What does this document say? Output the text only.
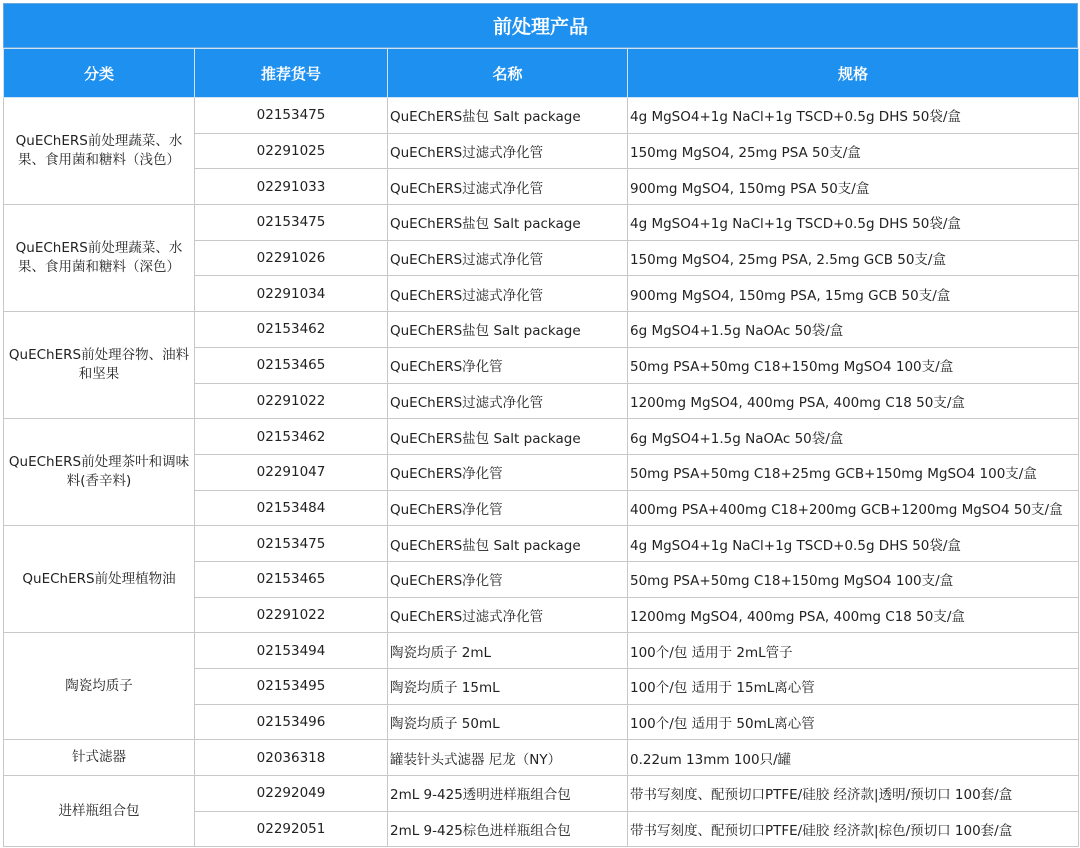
前处理产品
分类	推荐货号	名称	规格
QuEChERS前处理蔬菜、水果、食用菌和糖料（浅色）	02153475	QuEChERS盐包 Salt package	4g MgSO4+1g NaCl+1g TSCD+0.5g DHS 50袋/盒
	02291025	QuEChERS过滤式净化管	150mg MgSO4, 25mg PSA 50支/盒
	02291033	QuEChERS过滤式净化管	900mg MgSO4, 150mg PSA 50支/盒
QuEChERS前处理蔬菜、水果、食用菌和糖料（深色）	02153475	QuEChERS盐包 Salt package	4g MgSO4+1g NaCl+1g TSCD+0.5g DHS 50袋/盒
	02291026	QuEChERS过滤式净化管	150mg MgSO4, 25mg PSA, 2.5mg GCB 50支/盒
	02291034	QuEChERS过滤式净化管	900mg MgSO4, 150mg PSA, 15mg GCB 50支/盒
QuEChERS前处理谷物、油料和坚果	02153462	QuEChERS盐包 Salt package	6g MgSO4+1.5g NaOAc 50袋/盒
	02153465	QuEChERS净化管	50mg PSA+50mg C18+150mg MgSO4 100支/盒
	02291022	QuEChERS过滤式净化管	1200mg MgSO4, 400mg PSA, 400mg C18 50支/盒
QuEChERS前处理茶叶和调味料(香辛料)	02153462	QuEChERS盐包 Salt package	6g MgSO4+1.5g NaOAc 50袋/盒
	02291047	QuEChERS净化管	50mg PSA+50mg C18+25mg GCB+150mg MgSO4 100支/盒
	02153484	QuEChERS净化管	400mg PSA+400mg C18+200mg GCB+1200mg MgSO4 50支/盒
QuEChERS前处理植物油	02153475	QuEChERS盐包 Salt package	4g MgSO4+1g NaCl+1g TSCD+0.5g DHS 50袋/盒
	02153465	QuEChERS净化管	50mg PSA+50mg C18+150mg MgSO4 100支/盒
	02291022	QuEChERS过滤式净化管	1200mg MgSO4, 400mg PSA, 400mg C18 50支/盒
陶瓷均质子	02153494	陶瓷均质子 2mL	100个/包 适用于 2mL管子
	02153495	陶瓷均质子 15mL	100个/包 适用于 15mL离心管
	02153496	陶瓷均质子 50mL	100个/包 适用于 50mL离心管
针式滤器	02036318	罐装针头式滤器 尼龙（NY）	0.22um 13mm 100只/罐
进样瓶组合包	02292049	2mL 9-425透明进样瓶组合包	带书写刻度、配预切口PTFE/硅胶 经济款|透明/预切口 100套/盒
	02292051	2mL 9-425棕色进样瓶组合包	带书写刻度、配预切口PTFE/硅胶 经济款|棕色/预切口 100套/盒
